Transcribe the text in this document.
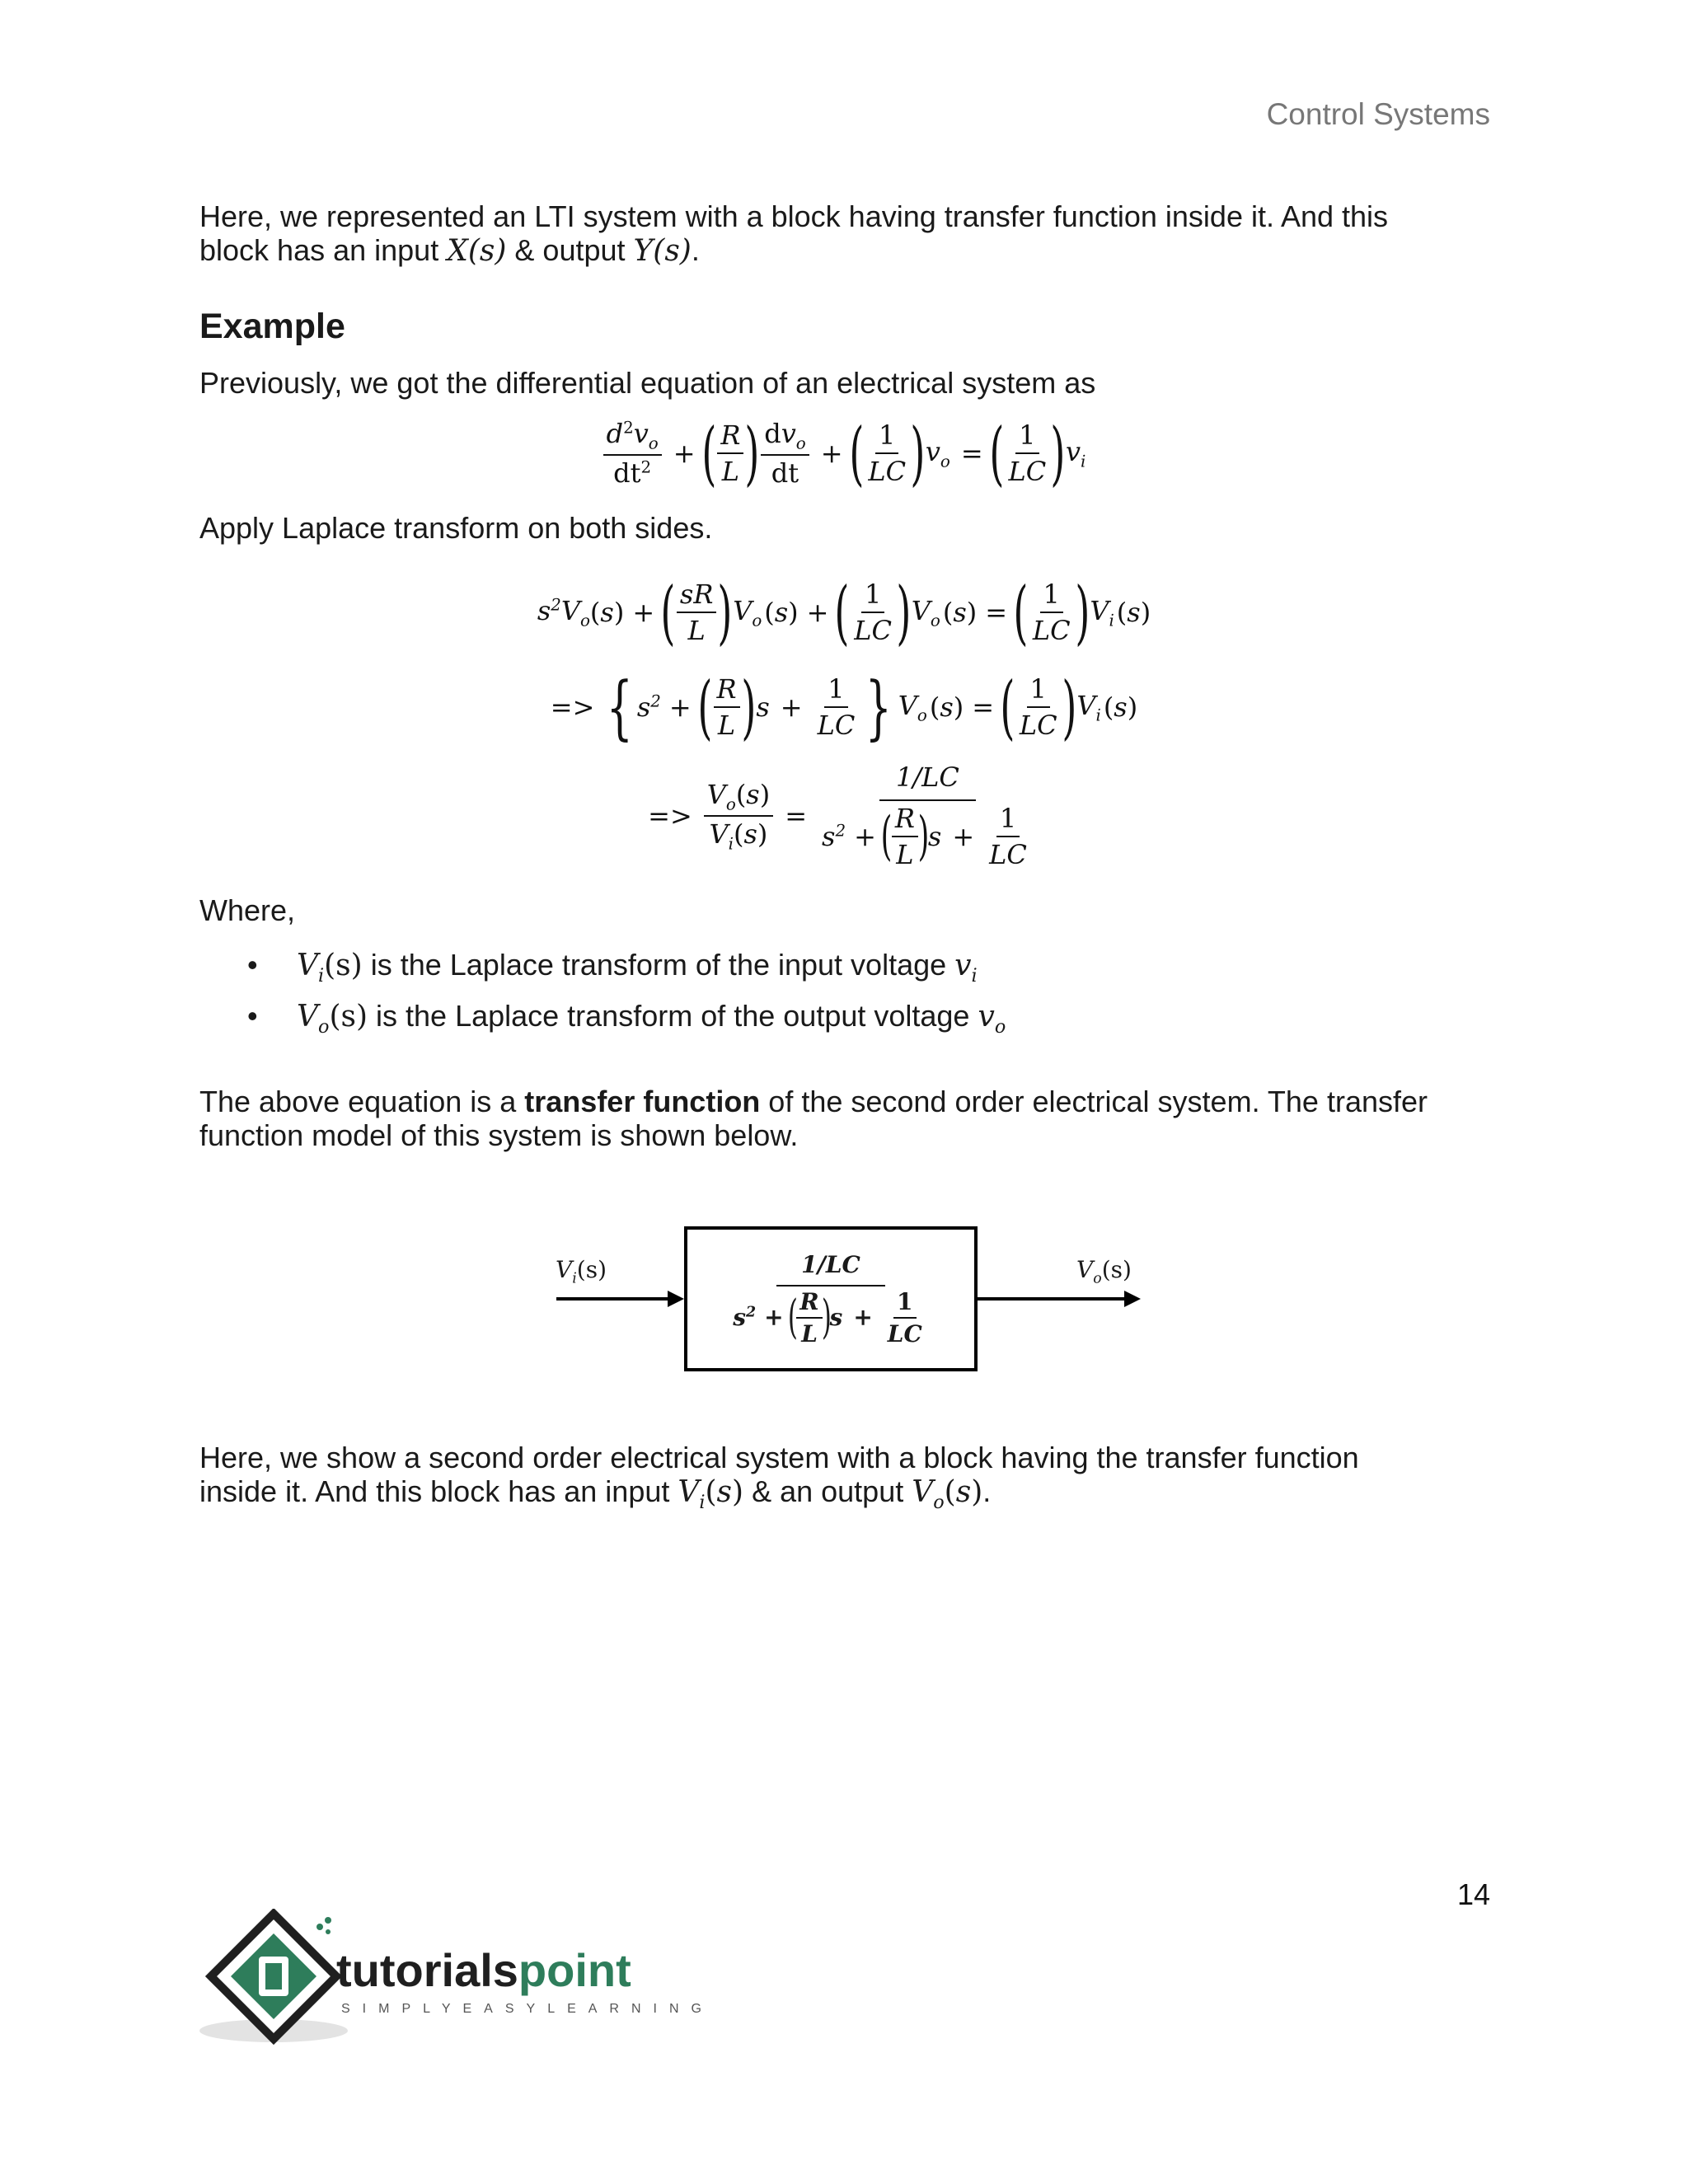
Control Systems

Here, we represented an LTI system with a block having transfer function inside it. And this
block has an input X(s) & output Y(s).

Example

Previously, we got the differential equation of an electrical system as

$\frac{d^2v_o}{dt^2}$ + ( $\frac{R}{L}$ ) $\frac{dv_o}{dt}$ + ( $\frac{1}{LC}$ ) $v_o$ = ( $\frac{1}{LC}$ ) $v_i$

Apply Laplace transform on both sides.

$s^2V_o$ ( s ) + ( $\frac{sR}{L}$ ) $V_o$ ( s ) + ( $\frac{1}{LC}$ ) $V_o$ ( s ) = ( $\frac{1}{LC}$ ) $V_i$ ( s )
=> { $s^2$ + ( $\frac{R}{L}$ ) $s + \frac{1}{LC}$ } $V_o$ ( s ) = ( $\frac{1}{LC}$ ) $V_i$ ( s )
=> $\frac{V_o(s)}{V_i(s)} = 1/LC$
$s^2$ + ( $\frac{R}{L}$ )
$s + \frac{1}{LC}$

Where,

• $V_i(s)$ is the Laplace transform of the input voltage $v_i$
• $V_o(s)$ is the Laplace transform of the output voltage $v_o$

The above equation is a transfer function of the second order electrical system. The transfer
function model of this system is shown below.

$V_i(s)$	1/LC
$s^2$ + (
$\frac{R}{L}$
)
$s + \frac{1}{LC}$	$V_o(s)$

Here, we show a second order electrical system with a block having the transfer function
inside it. And this block has an input $V_i(s)$ & an output $V_o(s)$.

14
tutorialspoint
SIMPLYEASYLEARNING
